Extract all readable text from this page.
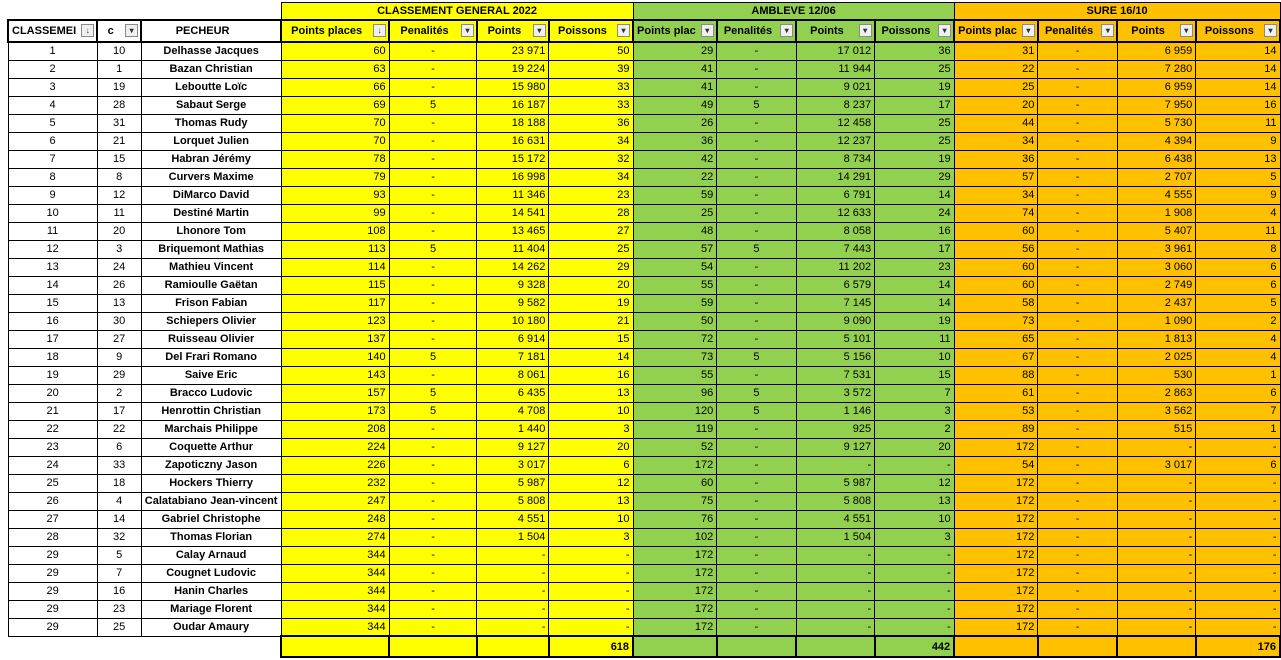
			CLASSEMENT GENERAL 2022				AMBLEVE 12/06				SURE 16/10			
CLASSEMEI ↓	c ▾	PECHEUR	Points places ↓	Penalités ▾	Points ▾	Poissons ▾	Points plac ▾	Penalités ▾	Points ▾	Poissons ▾	Points plac ▾	Penalités ▾	Points ▾	Poissons ▾

1	10	Delhasse Jacques	60	-	23 971	50	29	-	17 012	36	31	-	6 959	14
2	1	Bazan Christian	63	-	19 224	39	41	-	11 944	25	22	-	7 280	14
3	19	Leboutte Loïc	66	-	15 980	33	41	-	9 021	19	25	-	6 959	14
4	28	Sabaut Serge	69	5	16 187	33	49	5	8 237	17	20	-	7 950	16
5	31	Thomas Rudy	70	-	18 188	36	26	-	12 458	25	44	-	5 730	11
6	21	Lorquet Julien	70	-	16 631	34	36	-	12 237	25	34	-	4 394	9
7	15	Habran Jérémy	78	-	15 172	32	42	-	8 734	19	36	-	6 438	13
8	8	Curvers Maxime	79	-	16 998	34	22	-	14 291	29	57	-	2 707	5
9	12	DiMarco David	93	-	11 346	23	59	-	6 791	14	34	-	4 555	9
10	11	Destiné Martin	99	-	14 541	28	25	-	12 633	24	74	-	1 908	4
11	20	Lhonore Tom	108	-	13 465	27	48	-	8 058	16	60	-	5 407	11
12	3	Briquemont Mathias	113	5	11 404	25	57	5	7 443	17	56	-	3 961	8
13	24	Mathieu Vincent	114	-	14 262	29	54	-	11 202	23	60	-	3 060	6
14	26	Ramioulle Gaëtan	115	-	9 328	20	55	-	6 579	14	60	-	2 749	6
15	13	Frison Fabian	117	-	9 582	19	59	-	7 145	14	58	-	2 437	5
16	30	Schiepers Olivier	123	-	10 180	21	50	-	9 090	19	73	-	1 090	2
17	27	Ruisseau Olivier	137	-	6 914	15	72	-	5 101	11	65	-	1 813	4
18	9	Del Frari Romano	140	5	7 181	14	73	5	5 156	10	67	-	2 025	4
19	29	Saive Eric	143	-	8 061	16	55	-	7 531	15	88	-	530	1
20	2	Bracco Ludovic	157	5	6 435	13	96	5	3 572	7	61	-	2 863	6
21	17	Henrottin Christian	173	5	4 708	10	120	5	1 146	3	53	-	3 562	7
22	22	Marchais Philippe	208	-	1 440	3	119	-	925	2	89	-	515	1
23	6	Coquette Arthur	224	-	9 127	20	52	-	9 127	20	172	-	-	-
24	33	Zapoticzny Jason	226	-	3 017	6	172	-	-	-	54	-	3 017	6
25	18	Hockers Thierry	232	-	5 987	12	60	-	5 987	12	172	-	-	-
26	4	Calatabiano Jean-vincent	247	-	5 808	13	75	-	5 808	13	172	-	-	-
27	14	Gabriel Christophe	248	-	4 551	10	76	-	4 551	10	172	-	-	-
28	32	Thomas Florian	274	-	1 504	3	102	-	1 504	3	172	-	-	-
29	5	Calay Arnaud	344	-	-	-	172	-	-	-	172	-	-	-
29	7	Cougnet Ludovic	344	-	-	-	172	-	-	-	172	-	-	-
29	16	Hanin Charles	344	-	-	-	172	-	-	-	172	-	-	-
29	23	Mariage Florent	344	-	-	-	172	-	-	-	172	-	-	-
29	25	Oudar Amaury	344	-	-	-	172	-	-	-	172	-	-	-
						618				442				176
